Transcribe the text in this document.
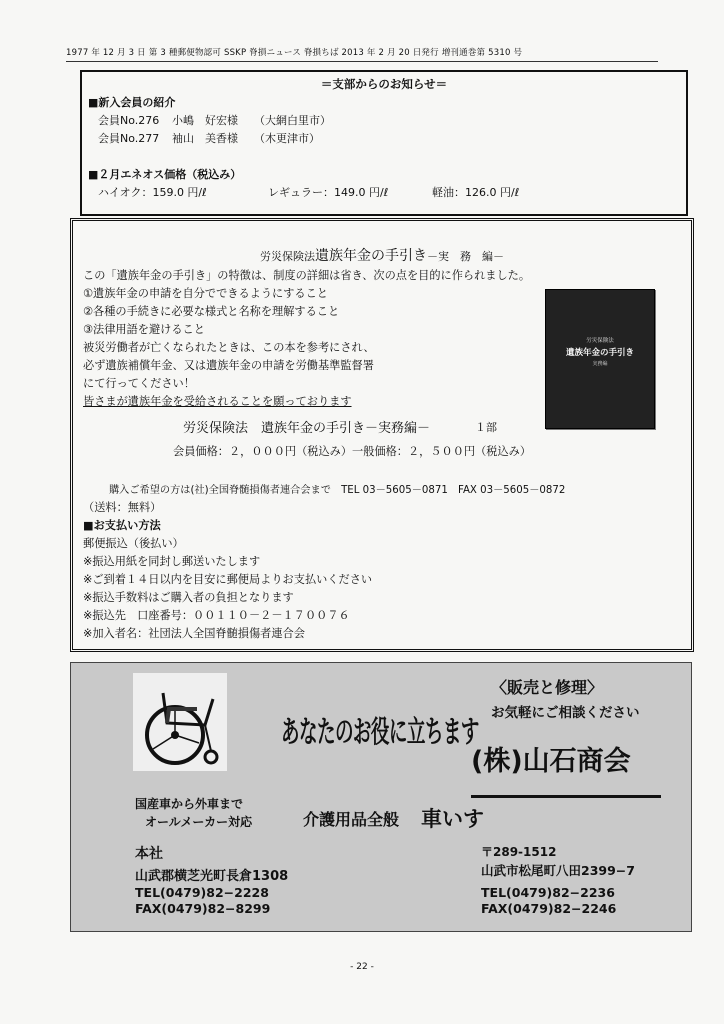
1977 年 12 月 3 日 第 3 種郵便物認可 SSKP 脊損ニュース 脊損ちば 2013 年 2 月 20 日発行 増刊通巻第 5310 号
＝支部からのお知らせ＝
■新入会員の紹介
会員No.276 小嶋　好宏様 （大網白里市）
会員No.277 袖山　美香様 （木更津市）
■２月エネオス価格（税込み）
ハイオク：159.0 円/ℓ	レギュラー：149.0 円/ℓ	軽油：126.0 円/ℓ
労災保険法遺族年金の手引き－実　務　編－
この「遺族年金の手引き」の特徴は、制度の詳細は省き、次の点を目的に作られました。
①遺族年金の申請を自分でできるようにすること
②各種の手続きに必要な様式と名称を理解すること
③法律用語を避けること
被災労働者が亡くなられたときは、この本を参考にされ、
必ず遺族補償年金、又は遺族年金の申請を労働基準監督署
にて行ってください！
皆さまが遺族年金を受給されることを願っております
労災保険法　遺族年金の手引き－実務編－	１部
会員価格：２，０００円（税込み）一般価格：２，５００円（税込み）
購入ご希望の方は(社)全国脊髄損傷者連合会まで　TEL 03－5605－0871　FAX 03－5605－0872
（送料：無料）
■お支払い方法
郵便振込（後払い）
※振込用紙を同封し郵送いたします
※ご到着１４日以内を目安に郵便局よりお支払いください
※振込手数料はご購入者の負担となります
※振込先　口座番号：００１１０－２－１７００７６
※加入者名：社団法人全国脊髄損傷者連合会
労災保険法
遺族年金の手引き
実務編
〈販売と修理〉
お気軽にご相談ください
あなたのお役に立ちます
(株)山石商会
国産車から外車まで
オールメーカー対応	介護用品全般 車いす
本社
山武郡横芝光町長倉1308
TEL(0479)82−2228
FAX(0479)82−8299
〒289-1512
山武市松尾町八田2399−7
TEL(0479)82−2236
FAX(0479)82−2246
- 22 -
